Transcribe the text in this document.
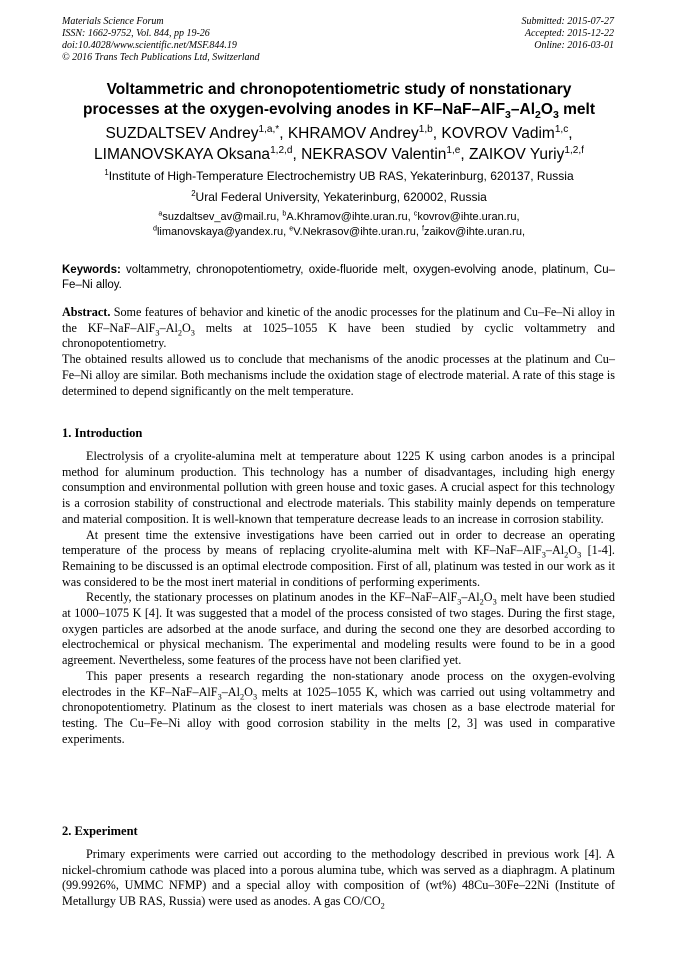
Materials Science Forum
ISSN: 1662-9752, Vol. 844, pp 19-26
doi:10.4028/www.scientific.net/MSF.844.19
© 2016 Trans Tech Publications Ltd, Switzerland
Submitted: 2015-07-27
Accepted: 2015-12-22
Online: 2016-03-01
Voltammetric and chronopotentiometric study of nonstationary
processes at the oxygen-evolving anodes in $KF-NaF-AlF_3-Al_2O_3$ melt
SUZDALTSEV Andrey$^{1,a,*}$, KHRAMOV Andrey$^{1,b}$, KOVROV Vadim$^{1,c}$,
LIMANOVSKAYA Oksana$^{1,2,d}$, NEKRASOV Valentin$^{1,e}$, ZAIKOV Yuriy$^{1,2,f}$
$^1$Institute of High-Temperature Electrochemistry UB RAS, Yekaterinburg, 620137, Russia
$^2$Ural Federal University, Yekaterinburg, 620002, Russia
$^a$suzdaltsev_av@mail.ru, $^b$A.Khramov@ihte.uran.ru, $^c$kovrov@ihte.uran.ru,
$^d$limanovskaya@yandex.ru, $^e$V.Nekrasov@ihte.uran.ru, $^f$zaikov@ihte.uran.ru,
Keywords: voltammetry, chronopotentiometry, oxide-fluoride melt, oxygen-evolving anode, platinum, Cu–Fe–Ni alloy.

Abstract. Some features of behavior and kinetic of the anodic processes for the platinum and Cu–Fe–Ni alloy in the $KF-NaF-AlF_3-Al_2O_3$ melts at 1025–1055 K have been studied by cyclic voltammetry and chronopotentiometry.

The obtained results allowed us to conclude that mechanisms of the anodic processes at the platinum and Cu–Fe–Ni alloy are similar. Both mechanisms include the oxidation stage of electrode material. A rate of this stage is determined to depend significantly on the melt temperature.

1. Introduction

Electrolysis of a cryolite-alumina melt at temperature about 1225 K using carbon anodes is a principal method for aluminum production. This technology has a number of disadvantages, including high energy consumption and environmental pollution with green house and toxic gases. A crucial aspect for this technology is a corrosion stability of constructional and electrode materials. This stability mainly depends on temperature and material composition. It is well-known that temperature decrease leads to an increase in corrosion stability.

At present time the extensive investigations have been carried out in order to decrease an operating temperature of the process by means of replacing cryolite-alumina melt with $KF-NaF-AlF_3-Al_2O_3$ [1-4]. Remaining to be discussed is an optimal electrode composition. First of all, platinum was tested in our work as it was considered to be the most inert material in conditions of performing experiments.

Recently, the stationary processes on platinum anodes in the $KF-NaF-AlF_3-Al_2O_3$ melt have been studied at 1000–1075 K [4]. It was suggested that a model of the process consisted of two stages. During the first stage, oxygen particles are adsorbed at the anode surface, and during the second one they are desorbed according to electrochemical or physical mechanism. The experimental and modeling results were found to be in a good agreement. Nevertheless, some features of the process have not been clarified yet.

This paper presents a research regarding the non-stationary anode process on the oxygen-evolving electrodes in the $KF-NaF-AlF_3-Al_2O_3$ melts at 1025–1055 K, which was carried out using voltammetry and chronopotentiometry. Platinum as the closest to inert materials was chosen as a base electrode material for testing. The Cu–Fe–Ni alloy with good corrosion stability in the melts [2, 3] was used in comparative experiments.

2. Experiment

Primary experiments were carried out according to the methodology described in previous work [4]. A nickel-chromium cathode was placed into a porous alumina tube, which was served as a diaphragm. A platinum (99.9926%, UMMC NFMP) and a special alloy with composition of (wt%) 48Cu–30Fe–22Ni (Institute of Metallurgy UB RAS, Russia) were used as anodes. A gas $CO/CO_2$
